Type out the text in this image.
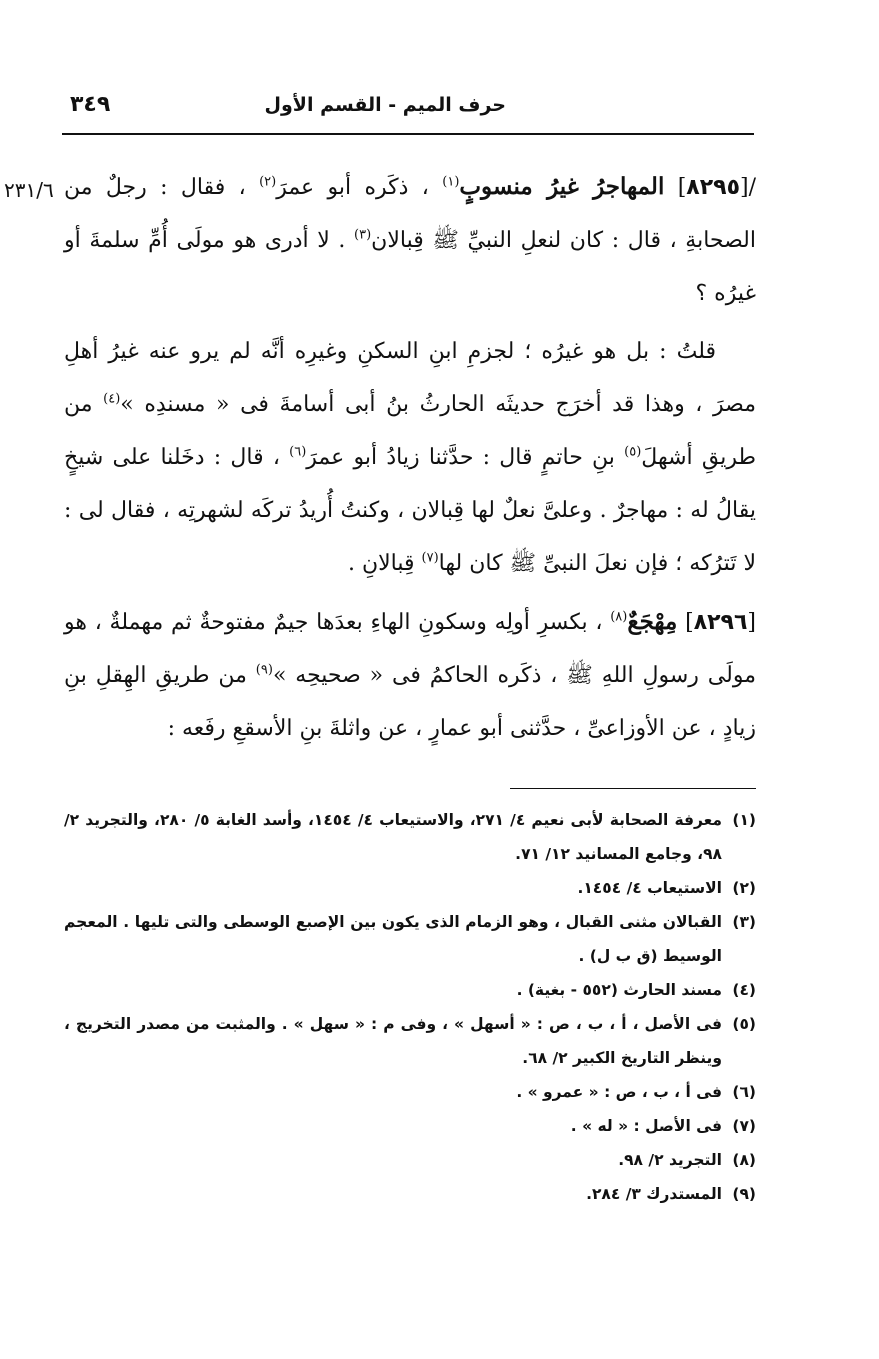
٣٤٩	حرف الميم - القسم الأول
٢٣١/٦	/[٨٢٩٥] المهاجرُ غيرُ منسوبٍ$^{(١)}$ ، ذكَره أبو عمرَ$^{(٢)}$ ، فقال : رجلٌ من الصحابةِ ، قال : كان لنعلِ النبيِّ ﷺ قِبالان$^{(٣)}$ . لا أدرى هو مولَى أُمِّ سلمةَ أو غيرُه ؟

قلتُ : بل هو غيرُه ؛ لجزمِ ابنِ السكنِ وغيرِه أنَّه لم يرو عنه غيرُ أهلِ مصرَ ، وهذا قد أخرَج حديثَه الحارثُ بنُ أبى أسامةَ فى « مسندِه »$^{(٤)}$ من طريقِ أشهلَ$^{(٥)}$ بنِ حاتمٍ قال : حدَّثنا زيادُ أبو عمرَ$^{(٦)}$ ، قال : دخَلنا على شيخٍ يقالُ له : مهاجرٌ . وعلىَّ نعلٌ لها قِبالان ، وكنتُ أُريدُ تركَه لشهرتِه ، فقال لى : لا تَترُكه ؛ فإن نعلَ النبىِّ ﷺ كان لها$^{(٧)}$ قِبالانِ .

[٨٢٩٦] مِهْجَعٌ$^{(٨)}$ ، بكسرِ أولِه وسكونِ الهاءِ بعدَها جيمٌ مفتوحةٌ ثم مهملةٌ ، هو مولَى رسولِ اللهِ ﷺ ، ذكَره الحاكمُ فى « صحيحِه »$^{(٩)}$ من طريقِ الهِقلِ بنِ زيادٍ ، عن الأوزاعىِّ ، حدَّثنى أبو عمارٍ ، عن واثلةَ بنِ الأسقعِ رفَعه :

(١)
معرفة الصحابة لأبى نعيم ٤/ ٢٧١، والاستيعاب ٤/ ١٤٥٤، وأسد الغابة ٥/ ٢٨٠، والتجريد ٢/ ٩٨، وجامع المسانيد ١٢/ ٧١.

(٢)
الاستيعاب ٤/ ١٤٥٤.

(٣)
القبالان مثنى القبال ، وهو الزمام الذى يكون بين الإصبع الوسطى والتى تليها . المعجم الوسيط (ق ب ل) .

(٤)
مسند الحارث (٥٥٢ - بغية) .

(٥)
فى الأصل ، أ ، ب ، ص : « أسهل » ، وفى م : « سهل » . والمثبت من مصدر التخريج ، وينظر التاريخ الكبير ٢/ ٦٨.

(٦)
فى أ ، ب ، ص : « عمرو » .

(٧)
فى الأصل : « له » .

(٨)
التجريد ٢/ ٩٨.

(٩)
المستدرك ٣/ ٢٨٤.
